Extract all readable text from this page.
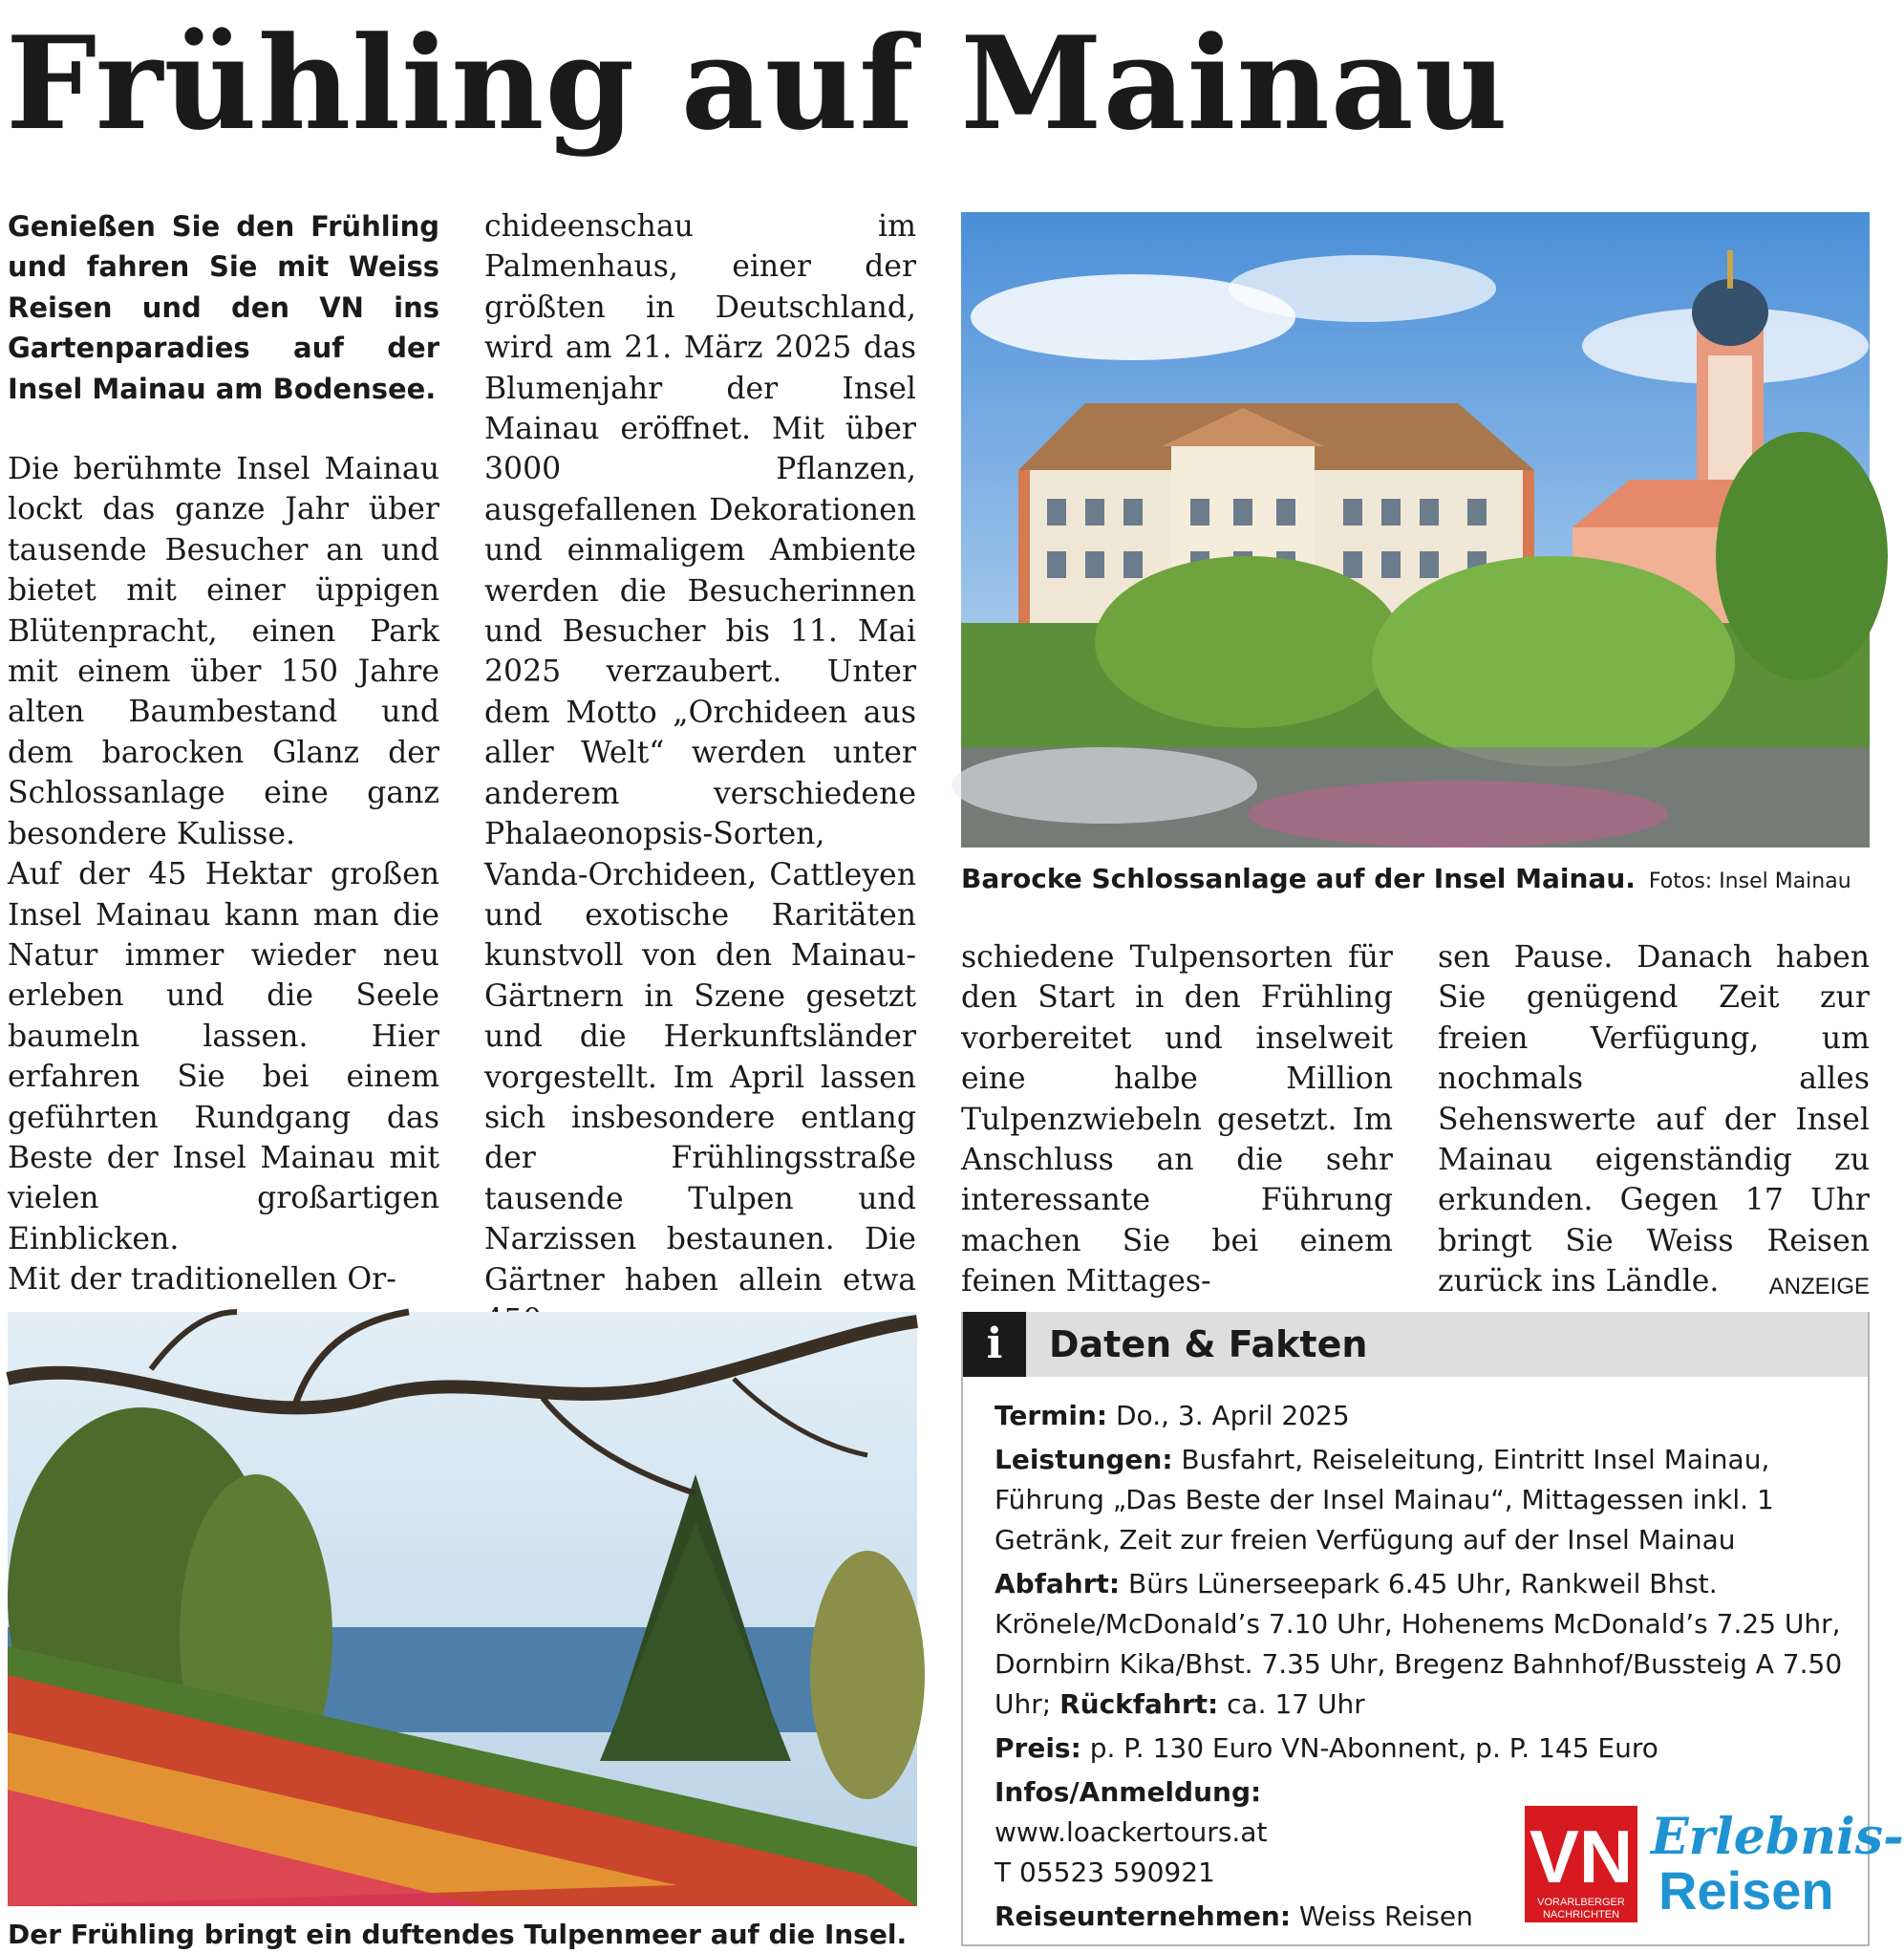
Frühling auf Mainau

Genießen Sie den Frühling und fahren Sie mit Weiss Reisen und den VN ins Gartenparadies auf der Insel Mainau am Bodensee.

Die berühmte Insel Mainau lockt das ganze Jahr über tausende Besucher an und bietet mit einer üppigen Blütenpracht, einen Park mit einem über 150 Jahre alten Baumbestand und dem barocken Glanz der Schlossanlage eine ganz besondere Kulisse.

Auf der 45 Hektar großen Insel Mainau kann man die Natur immer wieder neu erleben und die Seele baumeln lassen. Hier erfahren Sie bei einem geführten Rundgang das Beste der Insel Mainau mit vielen großartigen Einblicken.

Mit der traditionellen Or-

chideenschau im Palmenhaus, einer der größten in Deutschland, wird am 21. März 2025 das Blumenjahr der Insel Mainau eröffnet. Mit über 3000 Pflanzen, ausgefallenen Dekorationen und einmaligem Ambiente werden die Besucherinnen und Besucher bis 11. Mai 2025 verzaubert. Unter dem Motto „Orchideen aus aller Welt“ werden unter anderem verschiedene Phalaeonopsis-Sorten, Vanda-Orchideen, Cattleyen und exotische Raritäten kunstvoll von den Mainau-Gärtnern in Szene gesetzt und die Herkunftsländer vorgestellt. Im April lassen sich insbesondere entlang der Frühlingsstraße tausende Tulpen und Narzissen bestaunen. Die Gärtner haben allein etwa

Barocke Schlossanlage auf der Insel Mainau. Fotos: Insel Mainau

schiedene Tulpensorten für den Start in den Frühling vorbereitet und inselweit eine halbe Million Tulpenzwiebeln gesetzt. Im Anschluss an die sehr interessante Führung machen Sie bei einem feinen Mittages-

sen Pause. Danach haben Sie genügend Zeit zur freien Verfügung, um nochmals alles Sehenswerte auf der Insel Mainau eigenständig zu erkunden. Gegen 17 Uhr bringt Sie Weiss Reisen zurück ins Ländle. ANZEIGE

Der Frühling bringt ein duftendes Tulpenmeer auf die Insel.
i	Daten & Fakten
Termin: Do., 3. April 2025
Leistungen: Busfahrt, Reiseleitung, Eintritt Insel Mainau, Führung „Das Beste der Insel Mainau“, Mittagessen inkl. 1 Getränk, Zeit zur freien Verfügung auf der Insel Mainau
Abfahrt: Bürs Lünerseepark 6.45 Uhr, Rankweil Bhst. Krönele/McDonald’s 7.10 Uhr, Hohenems McDonald’s 7.25 Uhr, Dornbirn Kika/Bhst. 7.35 Uhr, Bregenz Bahnhof/Bussteig A 7.50 Uhr; Rückfahrt: ca. 17 Uhr
Preis: p. P. 130 Euro VN-Abonnent, p. P. 145 Euro
Infos/Anmeldung:
www.loackertours.at
T 05523 590921
Reiseunternehmen: Weiss Reisen
VN
VORARLBERGER
NACHRICHTEN
Erlebnis-
Reisen
